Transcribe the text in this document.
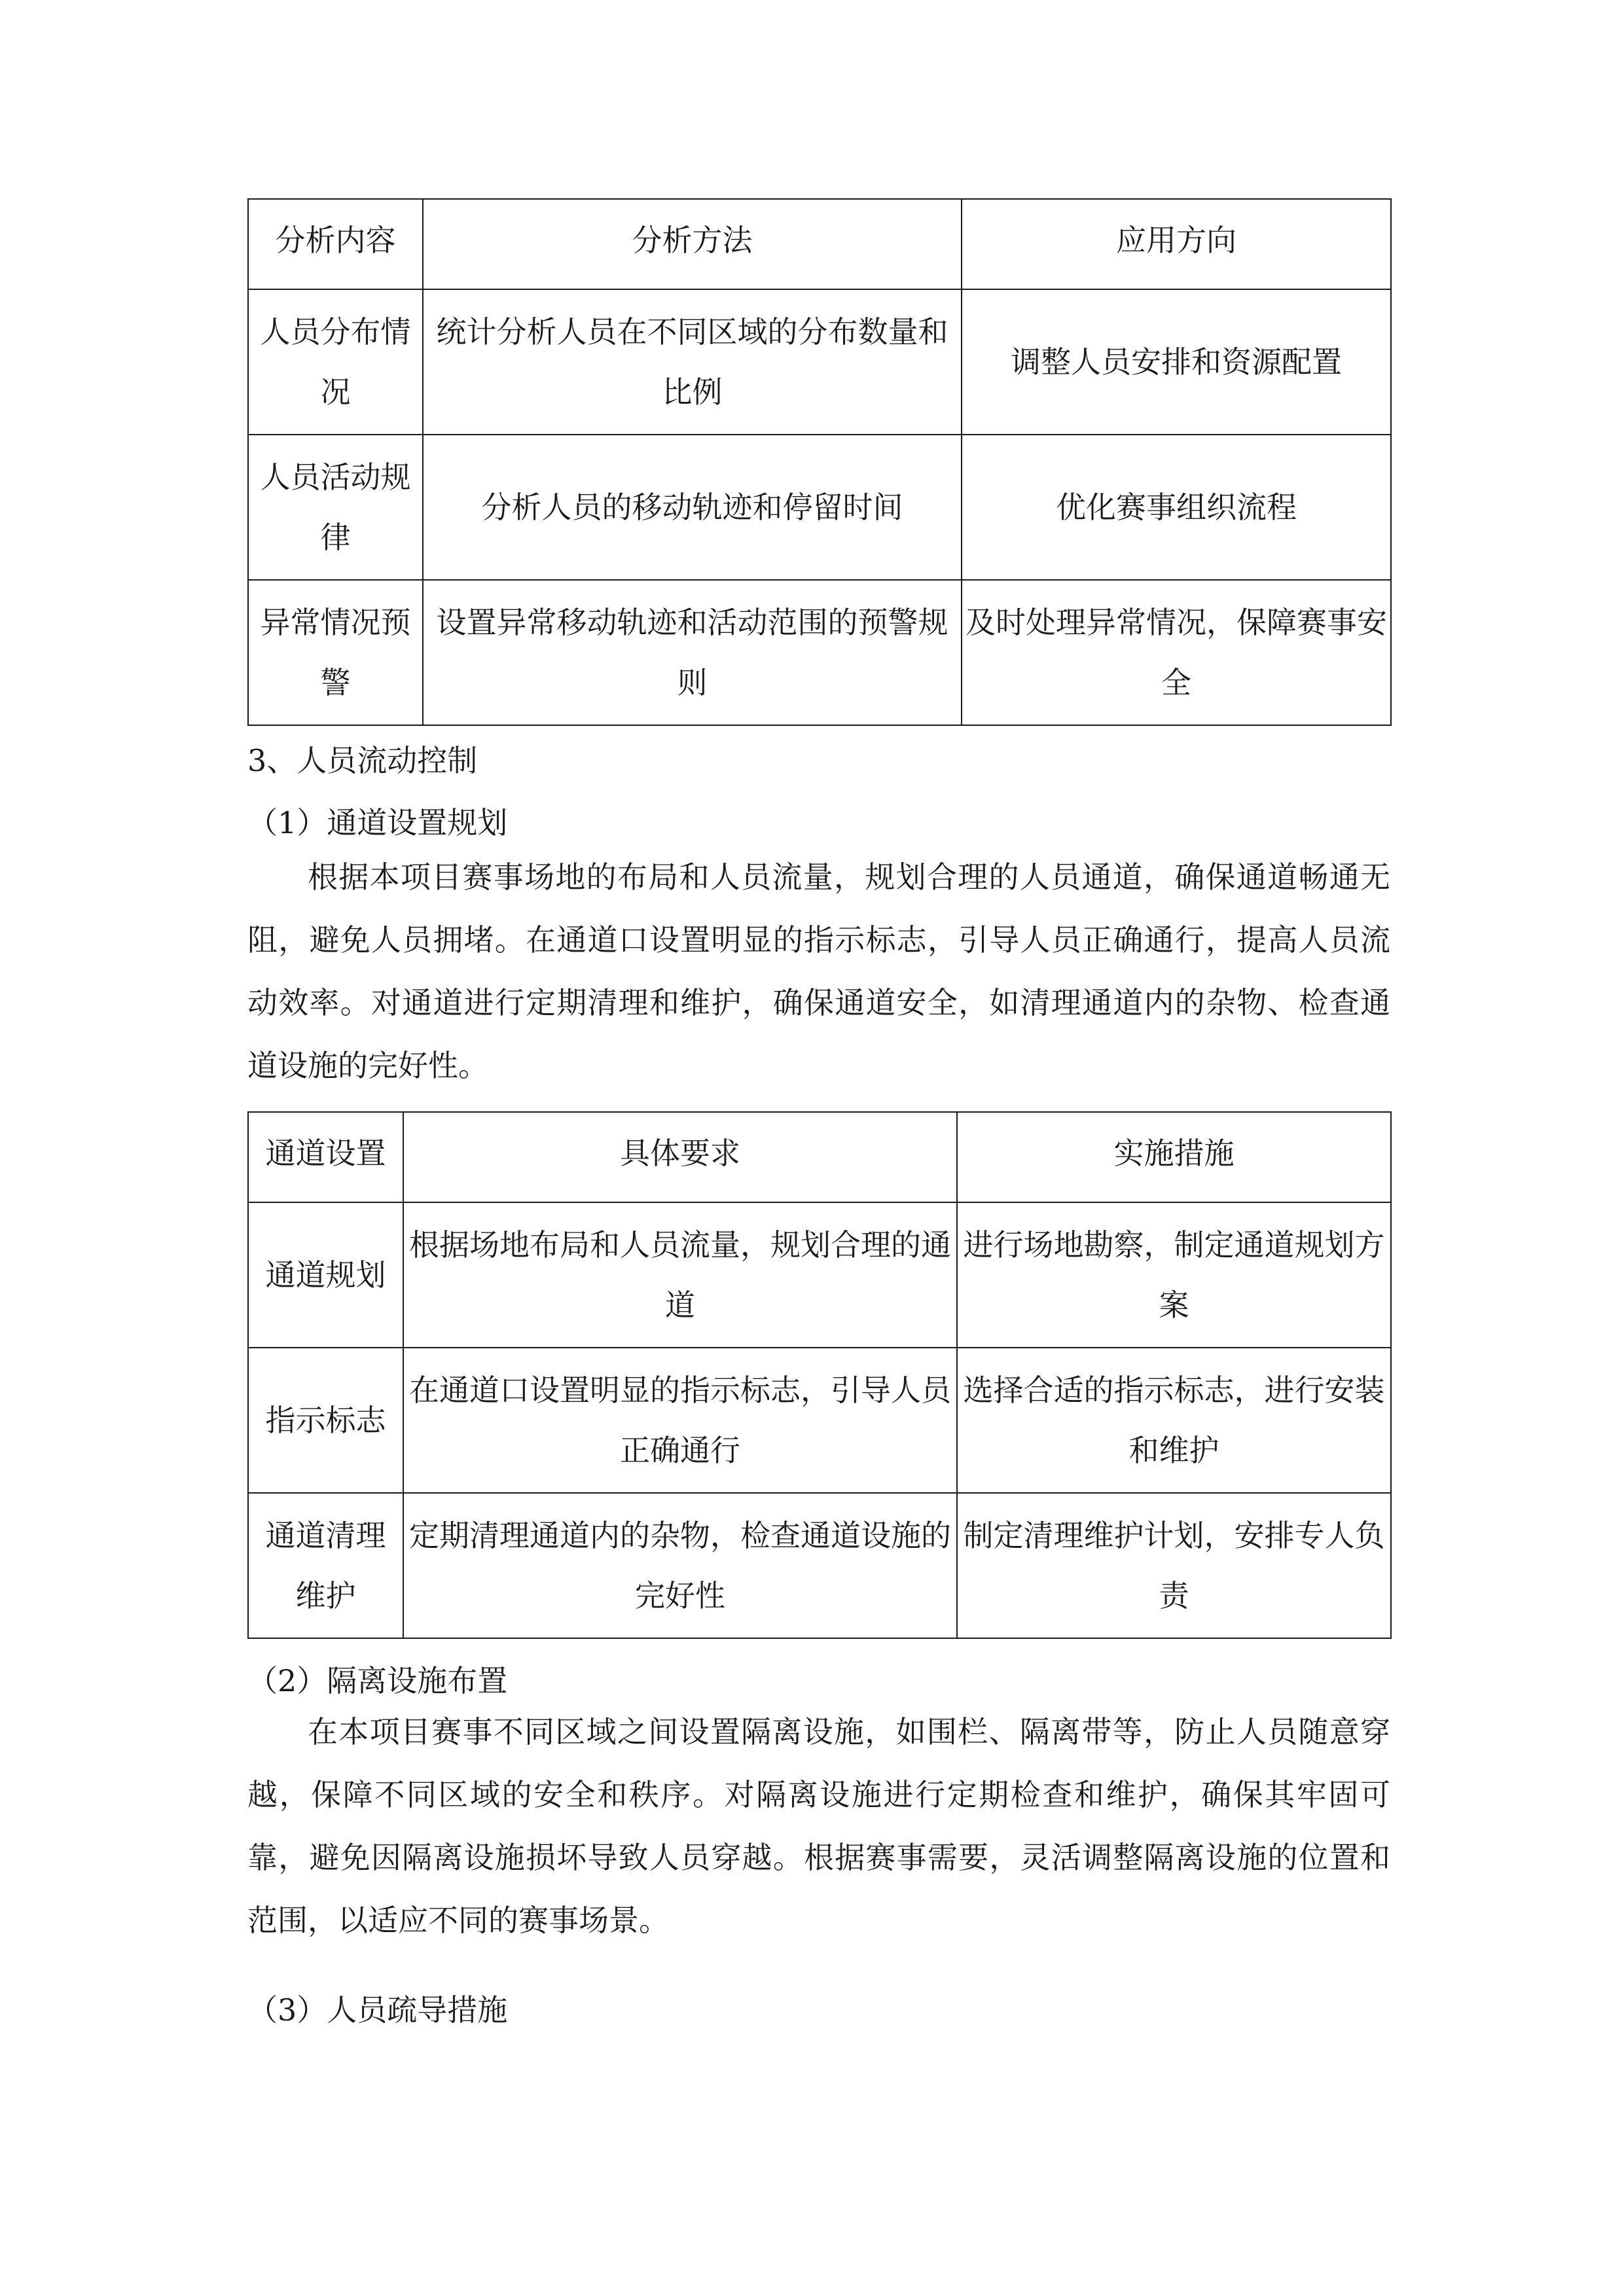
分析内容	分析方法	应用方向
人员分布情况	统计分析人员在不同区域的分布数量和比例	调整人员安排和资源配置
人员活动规律	分析人员的移动轨迹和停留时间	优化赛事组织流程
异常情况预警	设置异常移动轨迹和活动范围的预警规则	及时处理异常情况，保障赛事安全

3、人员流动控制

（1）通道设置规划

根据本项目赛事场地的布局和人员流量，规划合理的人员通道，确保通道畅通无阻，避免人员拥堵。在通道口设置明显的指示标志，引导人员正确通行，提高人员流动效率。对通道进行定期清理和维护，确保通道安全，如清理通道内的杂物、检查通道设施的完好性。

通道设置	具体要求	实施措施
通道规划	根据场地布局和人员流量，规划合理的通道	进行场地勘察，制定通道规划方案
指示标志	在通道口设置明显的指示标志，引导人员正确通行	选择合适的指示标志，进行安装和维护
通道清理维护	定期清理通道内的杂物，检查通道设施的完好性	制定清理维护计划，安排专人负责

（2）隔离设施布置

在本项目赛事不同区域之间设置隔离设施，如围栏、隔离带等，防止人员随意穿越，保障不同区域的安全和秩序。对隔离设施进行定期检查和维护，确保其牢固可靠，避免因隔离设施损坏导致人员穿越。根据赛事需要，灵活调整隔离设施的位置和范围，以适应不同的赛事场景。

（3）人员疏导措施
